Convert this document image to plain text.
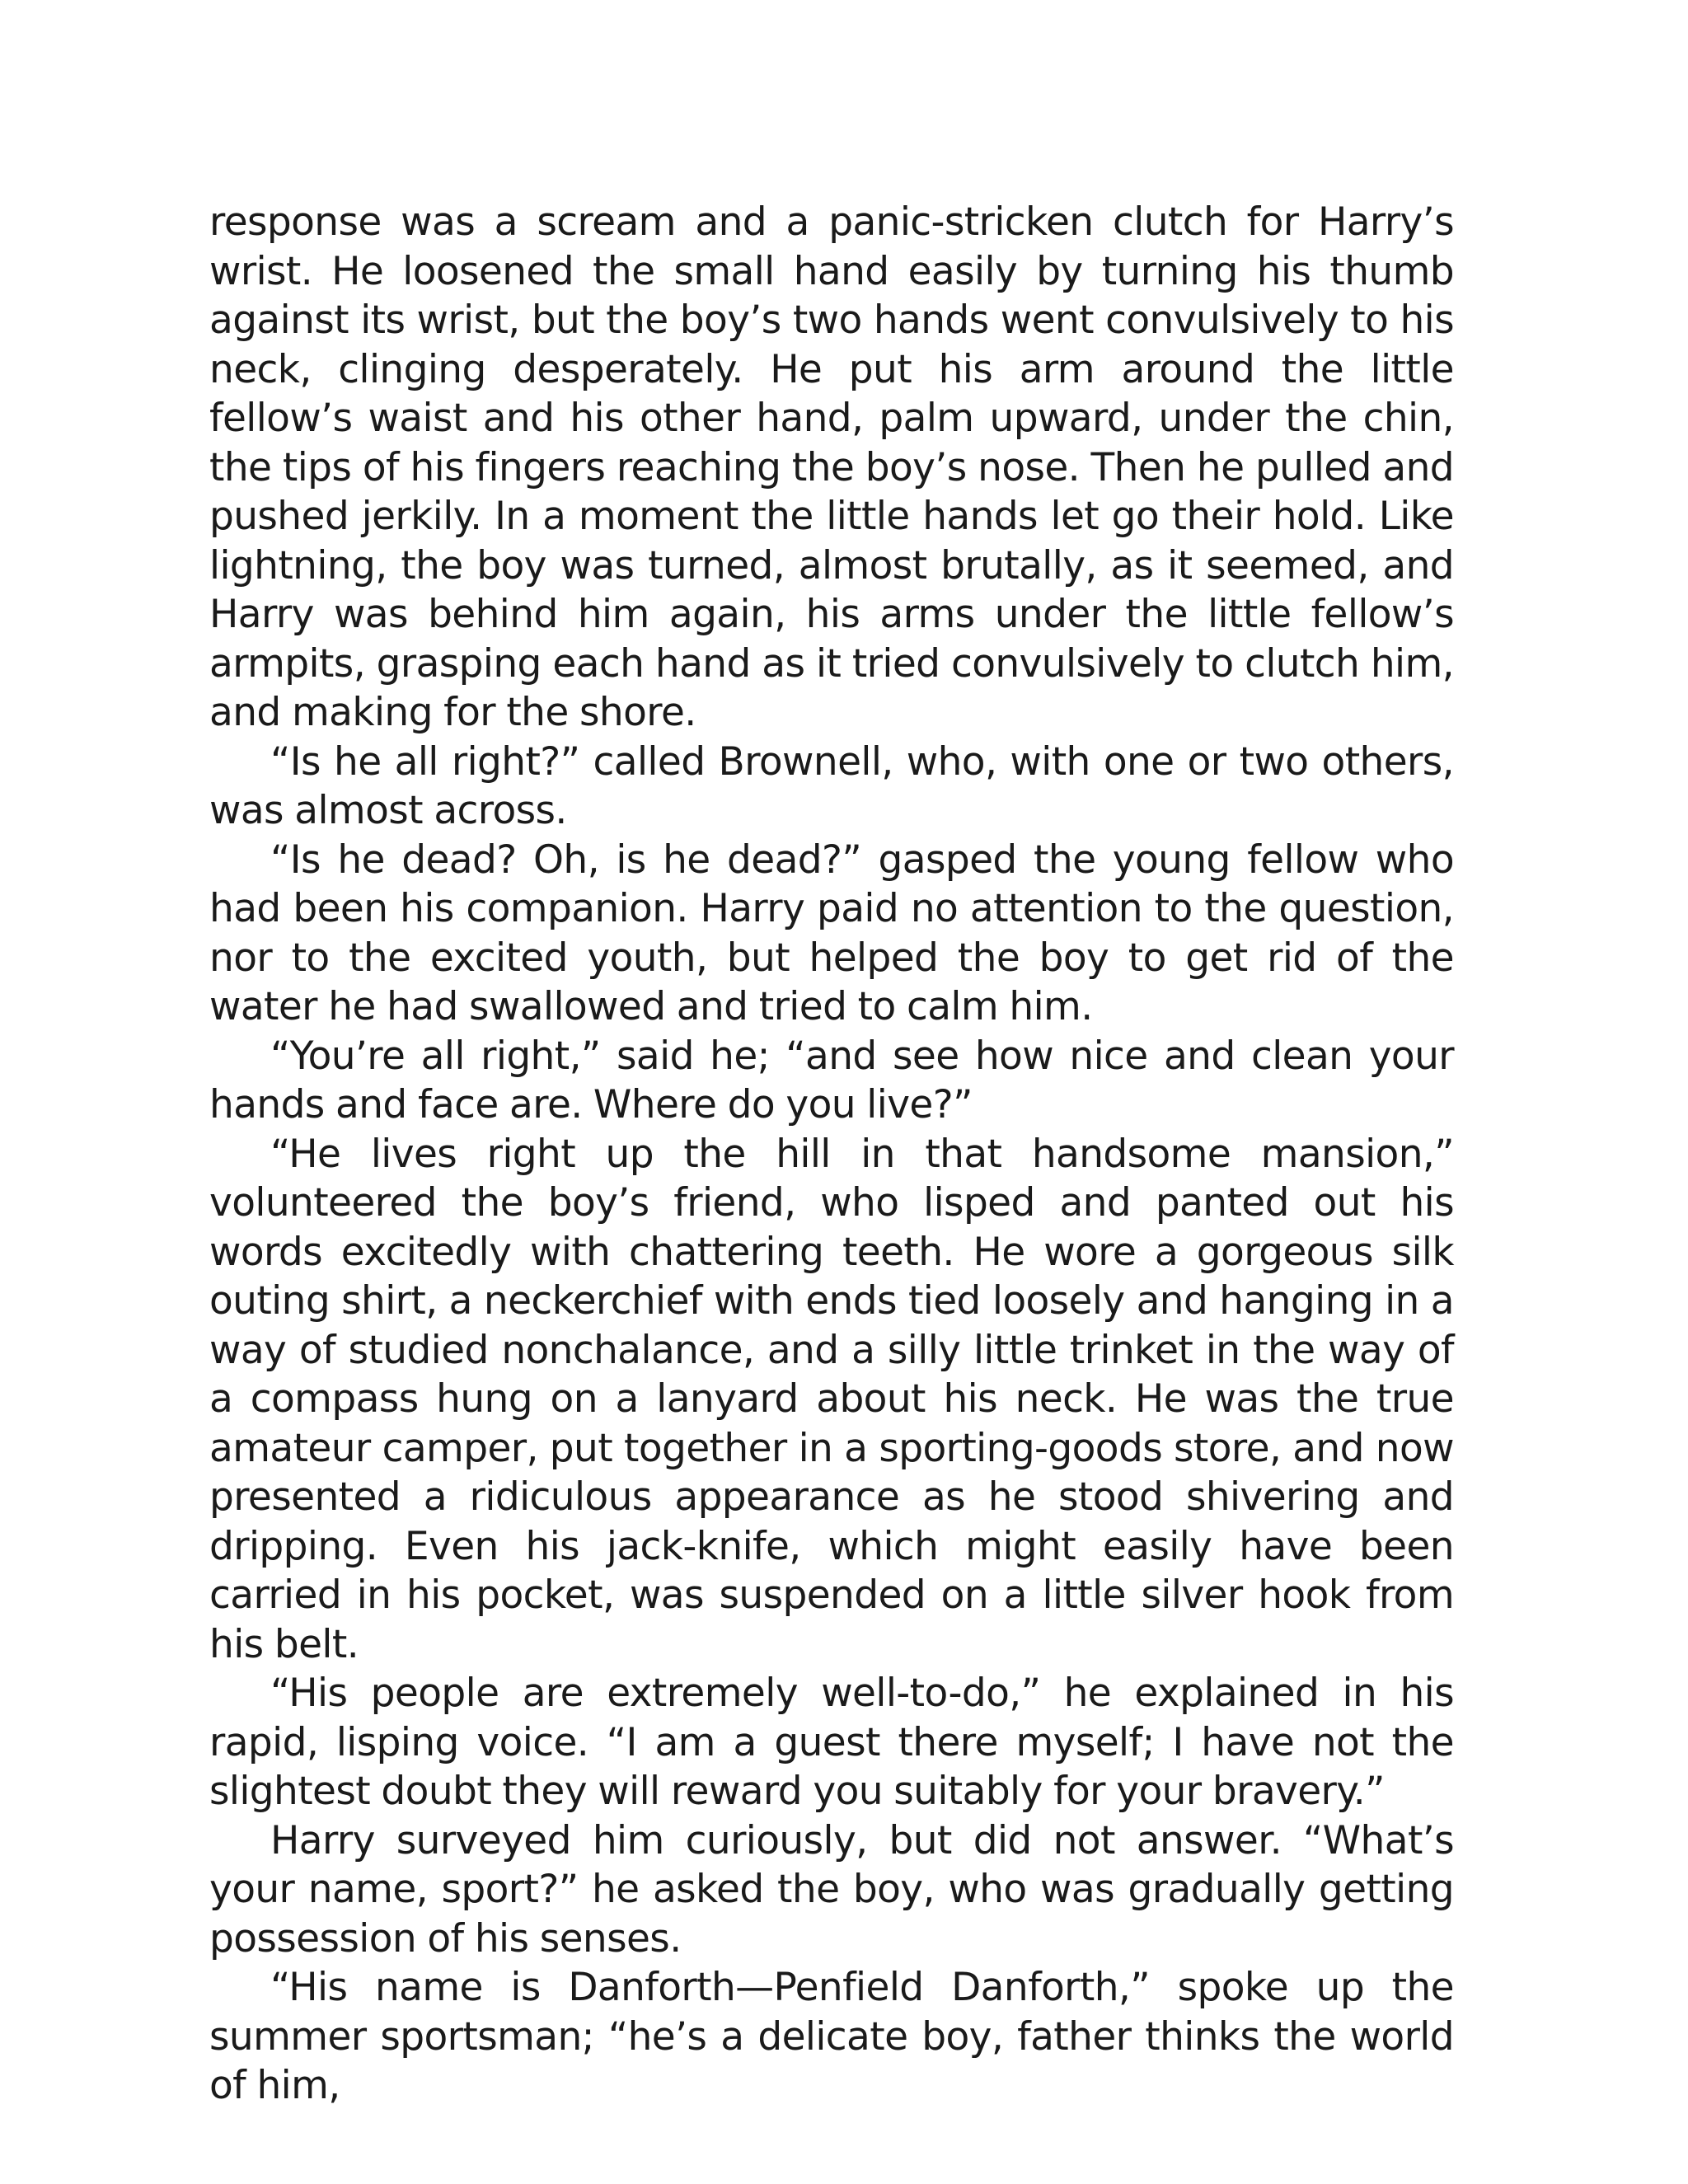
response was a scream and a panic-stricken clutch for Harry’s wrist. He loosened the small hand easily by turning his thumb against its wrist, but the boy’s two hands went convulsively to his neck, clinging desperately. He put his arm around the little fellow’s waist and his other hand, palm upward, under the chin, the tips of his fingers reaching the boy’s nose. Then he pulled and pushed jerkily. In a moment the little hands let go their hold. Like lightning, the boy was turned, almost brutally, as it seemed, and Harry was behind him again, his arms under the little fellow’s armpits, grasping each hand as it tried convulsively to clutch him, and making for the shore.

“Is he all right?” called Brownell, who, with one or two others, was almost across.

“Is he dead? Oh, is he dead?” gasped the young fellow who had been his companion. Harry paid no attention to the question, nor to the excited youth, but helped the boy to get rid of the water he had swallowed and tried to calm him.

“You’re all right,” said he; “and see how nice and clean your hands and face are. Where do you live?”

“He lives right up the hill in that handsome mansion,” volunteered the boy’s friend, who lisped and panted out his words excitedly with chattering teeth. He wore a gorgeous silk outing shirt, a neckerchief with ends tied loosely and hanging in a way of studied nonchalance, and a silly little trinket in the way of a compass hung on a lanyard about his neck. He was the true amateur camper, put together in a sporting-goods store, and now presented a ridiculous appearance as he stood shivering and dripping. Even his jack-knife, which might easily have been carried in his pocket, was suspended on a little silver hook from his belt.

“His people are extremely well-to-do,” he explained in his rapid, lisping voice. “I am a guest there myself; I have not the slightest doubt they will reward you suitably for your bravery.”

Harry surveyed him curiously, but did not answer. “What’s your name, sport?” he asked the boy, who was gradually getting possession of his senses.

“His name is Danforth—Penfield Danforth,” spoke up the summer sportsman; “he’s a delicate boy, father thinks the world of him,
